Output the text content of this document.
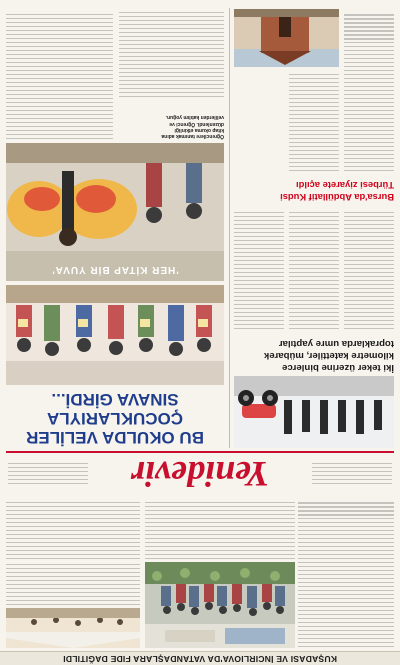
KUŞADASI VE İNCIRLIOVA'DA VATANDAŞLARA FIDE DAĞITILDI
Yenidevir
İki teker üzerine binlerce
kilometre katettiler, mübarek
topraklarda umre yaptılar
Bursa'da Abdüllatif Kudsi
Türbesi ziyarete açıldı
BU OKULDA VELİLER
ÇOCUKLARIYLA
SINAVA GİRDİ...
'HER KİTAP BİR YUVA'
Öğrencilere tanımak adına
kitap okuma etkinliği
düzenlendi. Öğrenci ve
velilerden katılım yoğun.
